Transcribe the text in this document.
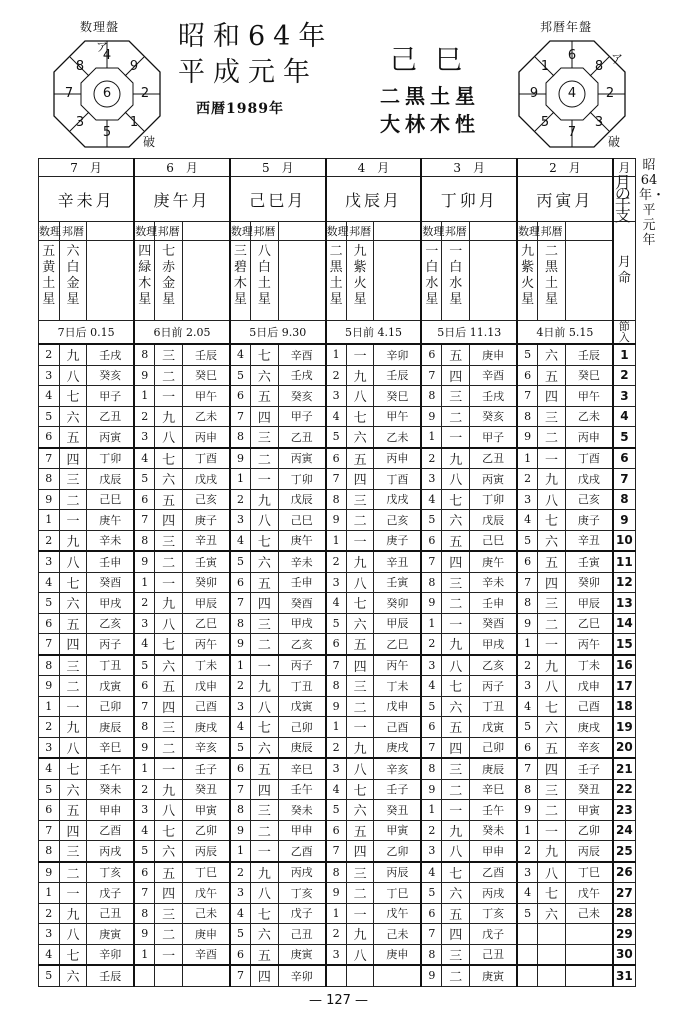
数理盤
4
9
2
1
5
3
7
8
6
ア
破
昭和64年
平成元年
西暦1989年
己巳
二黒土星
大林木性
邦暦年盤
6
8
2
3
7
5
9
1
4
ア
破
7　月			6　月			5　月			4　月			3　月			2　月			月
辛未月			庚午月			己巳月			戊辰月			丁卯月			丙寅月			月の干支
数理	邦暦		数理	邦暦		数理	邦暦		数理	邦暦		数理	邦暦		数理	邦暦		月命
五黄土星	六白金星		四緑木星	七赤金星		三碧木星	八白土星		二黒土星	九紫火星		一白水星	一白水星		九紫火星	二黒土星		
7日后 0.15			6日前 2.05			5日后 9.30			5日前 4.15			5日后 11.13			4日前 5.15			節入
2	九	壬戌	8	三	壬辰	4	七	辛酉	1	一	辛卯	6	五	庚申	5	六	壬辰	1
3	八	癸亥	9	二	癸巳	5	六	壬戌	2	九	壬辰	7	四	辛酉	6	五	癸巳	2
4	七	甲子	1	一	甲午	6	五	癸亥	3	八	癸巳	8	三	壬戌	7	四	甲午	3
5	六	乙丑	2	九	乙未	7	四	甲子	4	七	甲午	9	二	癸亥	8	三	乙未	4
6	五	丙寅	3	八	丙申	8	三	乙丑	5	六	乙未	1	一	甲子	9	二	丙申	5
7	四	丁卯	4	七	丁酉	9	二	丙寅	6	五	丙申	2	九	乙丑	1	一	丁酉	6
8	三	戊辰	5	六	戊戌	1	一	丁卯	7	四	丁酉	3	八	丙寅	2	九	戊戌	7
9	二	己巳	6	五	己亥	2	九	戊辰	8	三	戊戌	4	七	丁卯	3	八	己亥	8
1	一	庚午	7	四	庚子	3	八	己巳	9	二	己亥	5	六	戊辰	4	七	庚子	9
2	九	辛未	8	三	辛丑	4	七	庚午	1	一	庚子	6	五	己巳	5	六	辛丑	10
3	八	壬申	9	二	壬寅	5	六	辛未	2	九	辛丑	7	四	庚午	6	五	壬寅	11
4	七	癸酉	1	一	癸卯	6	五	壬申	3	八	壬寅	8	三	辛未	7	四	癸卯	12
5	六	甲戌	2	九	甲辰	7	四	癸酉	4	七	癸卯	9	二	壬申	8	三	甲辰	13
6	五	乙亥	3	八	乙巳	8	三	甲戌	5	六	甲辰	1	一	癸酉	9	二	乙巳	14
7	四	丙子	4	七	丙午	9	二	乙亥	6	五	乙巳	2	九	甲戌	1	一	丙午	15
8	三	丁丑	5	六	丁未	1	一	丙子	7	四	丙午	3	八	乙亥	2	九	丁未	16
9	二	戊寅	6	五	戊申	2	九	丁丑	8	三	丁未	4	七	丙子	3	八	戊申	17
1	一	己卯	7	四	己酉	3	八	戊寅	9	二	戊申	5	六	丁丑	4	七	己酉	18
2	九	庚辰	8	三	庚戌	4	七	己卯	1	一	己酉	6	五	戊寅	5	六	庚戌	19
3	八	辛巳	9	二	辛亥	5	六	庚辰	2	九	庚戌	7	四	己卯	6	五	辛亥	20
4	七	壬午	1	一	壬子	6	五	辛巳	3	八	辛亥	8	三	庚辰	7	四	壬子	21
5	六	癸未	2	九	癸丑	7	四	壬午	4	七	壬子	9	二	辛巳	8	三	癸丑	22
6	五	甲申	3	八	甲寅	8	三	癸未	5	六	癸丑	1	一	壬午	9	二	甲寅	23
7	四	乙酉	4	七	乙卯	9	二	甲申	6	五	甲寅	2	九	癸未	1	一	乙卯	24
8	三	丙戌	5	六	丙辰	1	一	乙酉	7	四	乙卯	3	八	甲申	2	九	丙辰	25
9	二	丁亥	6	五	丁巳	2	九	丙戌	8	三	丙辰	4	七	乙酉	3	八	丁巳	26
1	一	戊子	7	四	戊午	3	八	丁亥	9	二	丁巳	5	六	丙戌	4	七	戊午	27
2	九	己丑	8	三	己未	4	七	戊子	1	一	戊午	6	五	丁亥	5	六	己未	28
3	八	庚寅	9	二	庚申	5	六	己丑	2	九	己未	7	四	戊子				29
4	七	辛卯	1	一	辛酉	6	五	庚寅	3	八	庚申	8	三	己丑				30
5	六	壬辰				7	四	辛卯				9	二	庚寅				31
昭64年・平元年
— 127 —
